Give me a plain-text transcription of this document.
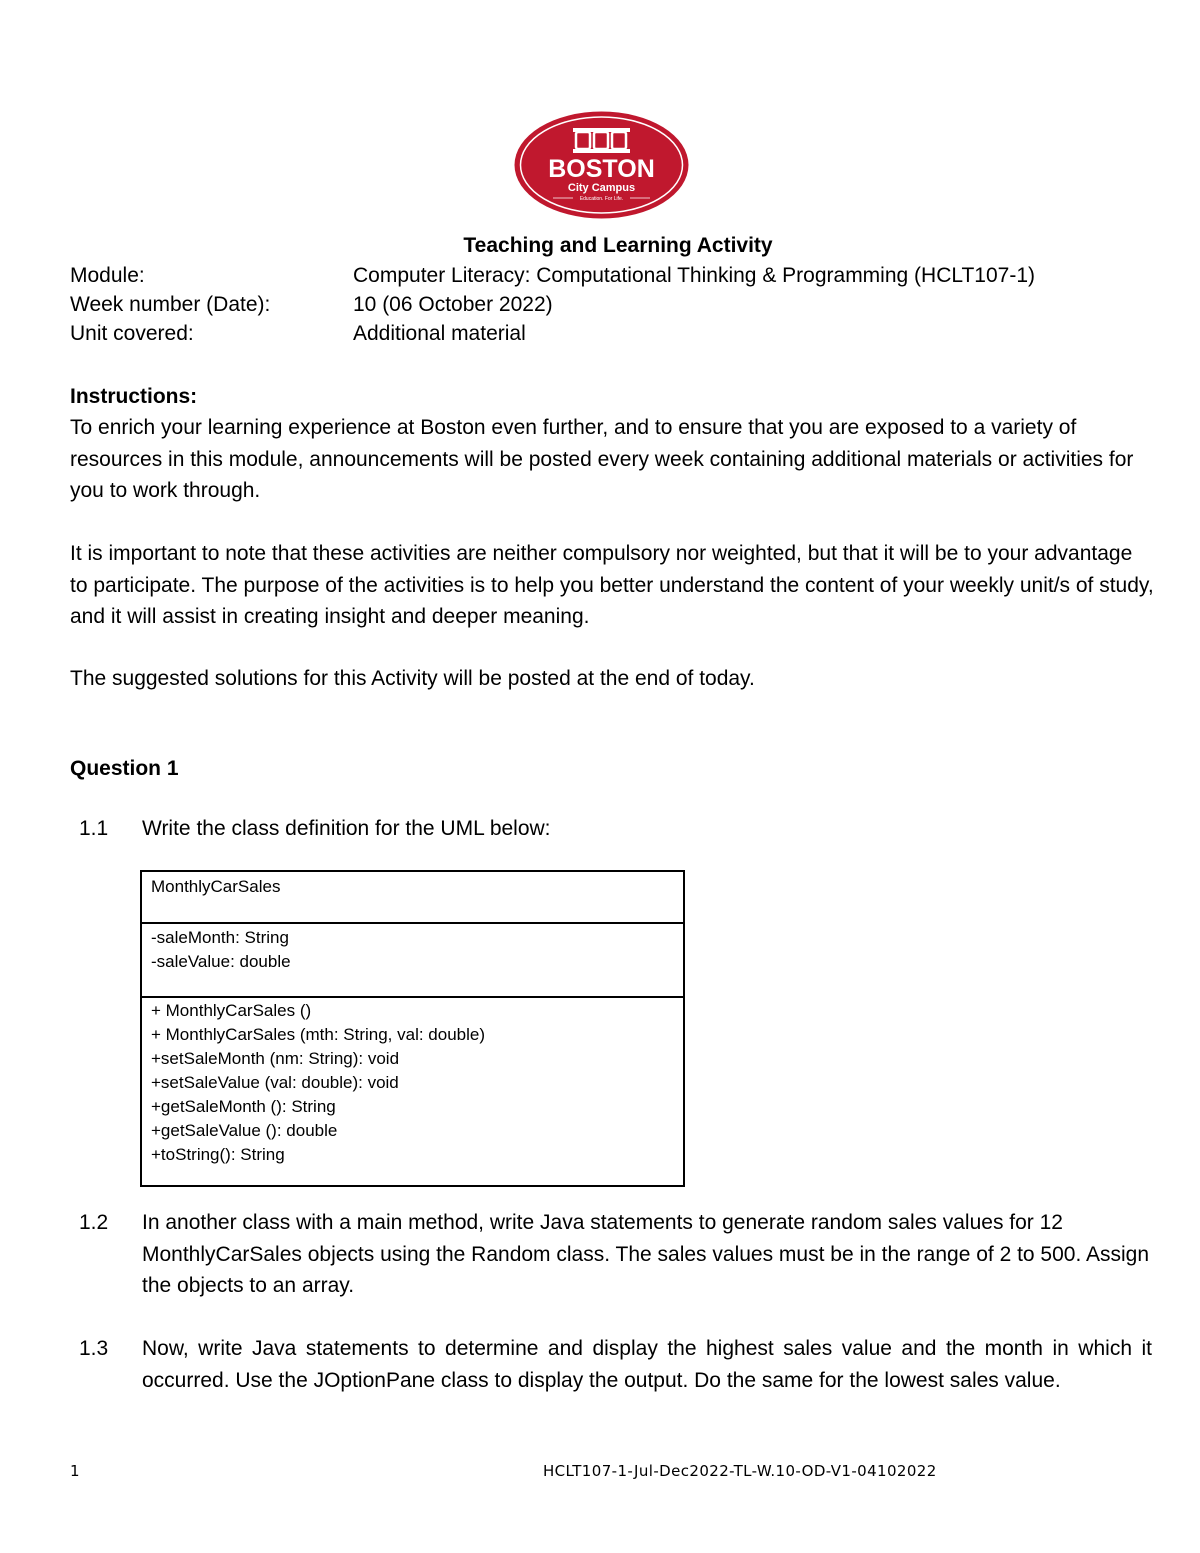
BOSTON
City Campus
Education. For Life.
Teaching and Learning Activity
Module:	Computer Literacy: Computational Thinking & Programming (HCLT107-1)
Week number (Date):	10 (06 October 2022)
Unit covered:	Additional material
Instructions:
To enrich your learning experience at Boston even further, and to ensure that you are exposed to a variety of resources in this module, announcements will be posted every week containing additional materials or activities for you to work through.
It is important to note that these activities are neither compulsory nor weighted, but that it will be to your advantage to participate. The purpose of the activities is to help you better understand the content of your weekly unit/s of study, and it will assist in creating insight and deeper meaning.
The suggested solutions for this Activity will be posted at the end of today.
Question 1
1.1 Write the class definition for the UML below:
MonthlyCarSales
-saleMonth: String
-saleValue: double
+ MonthlyCarSales ()
+ MonthlyCarSales (mth: String, val: double)
+setSaleMonth (nm: String): void
+setSaleValue (val: double): void
+getSaleMonth (): String
+getSaleValue (): double
+toString(): String
1.2 In another class with a main method, write Java statements to generate random sales values for 12 MonthlyCarSales objects using the Random class. The sales values must be in the range of 2 to 500. Assign the objects to an array.
1.3 Now, write Java statements to determine and display the highest sales value and the month in which it occurred. Use the JOptionPane class to display the output. Do the same for the lowest sales value.
1	HCLT107-1-Jul-Dec2022-TL-W.10-OD-V1-04102022
